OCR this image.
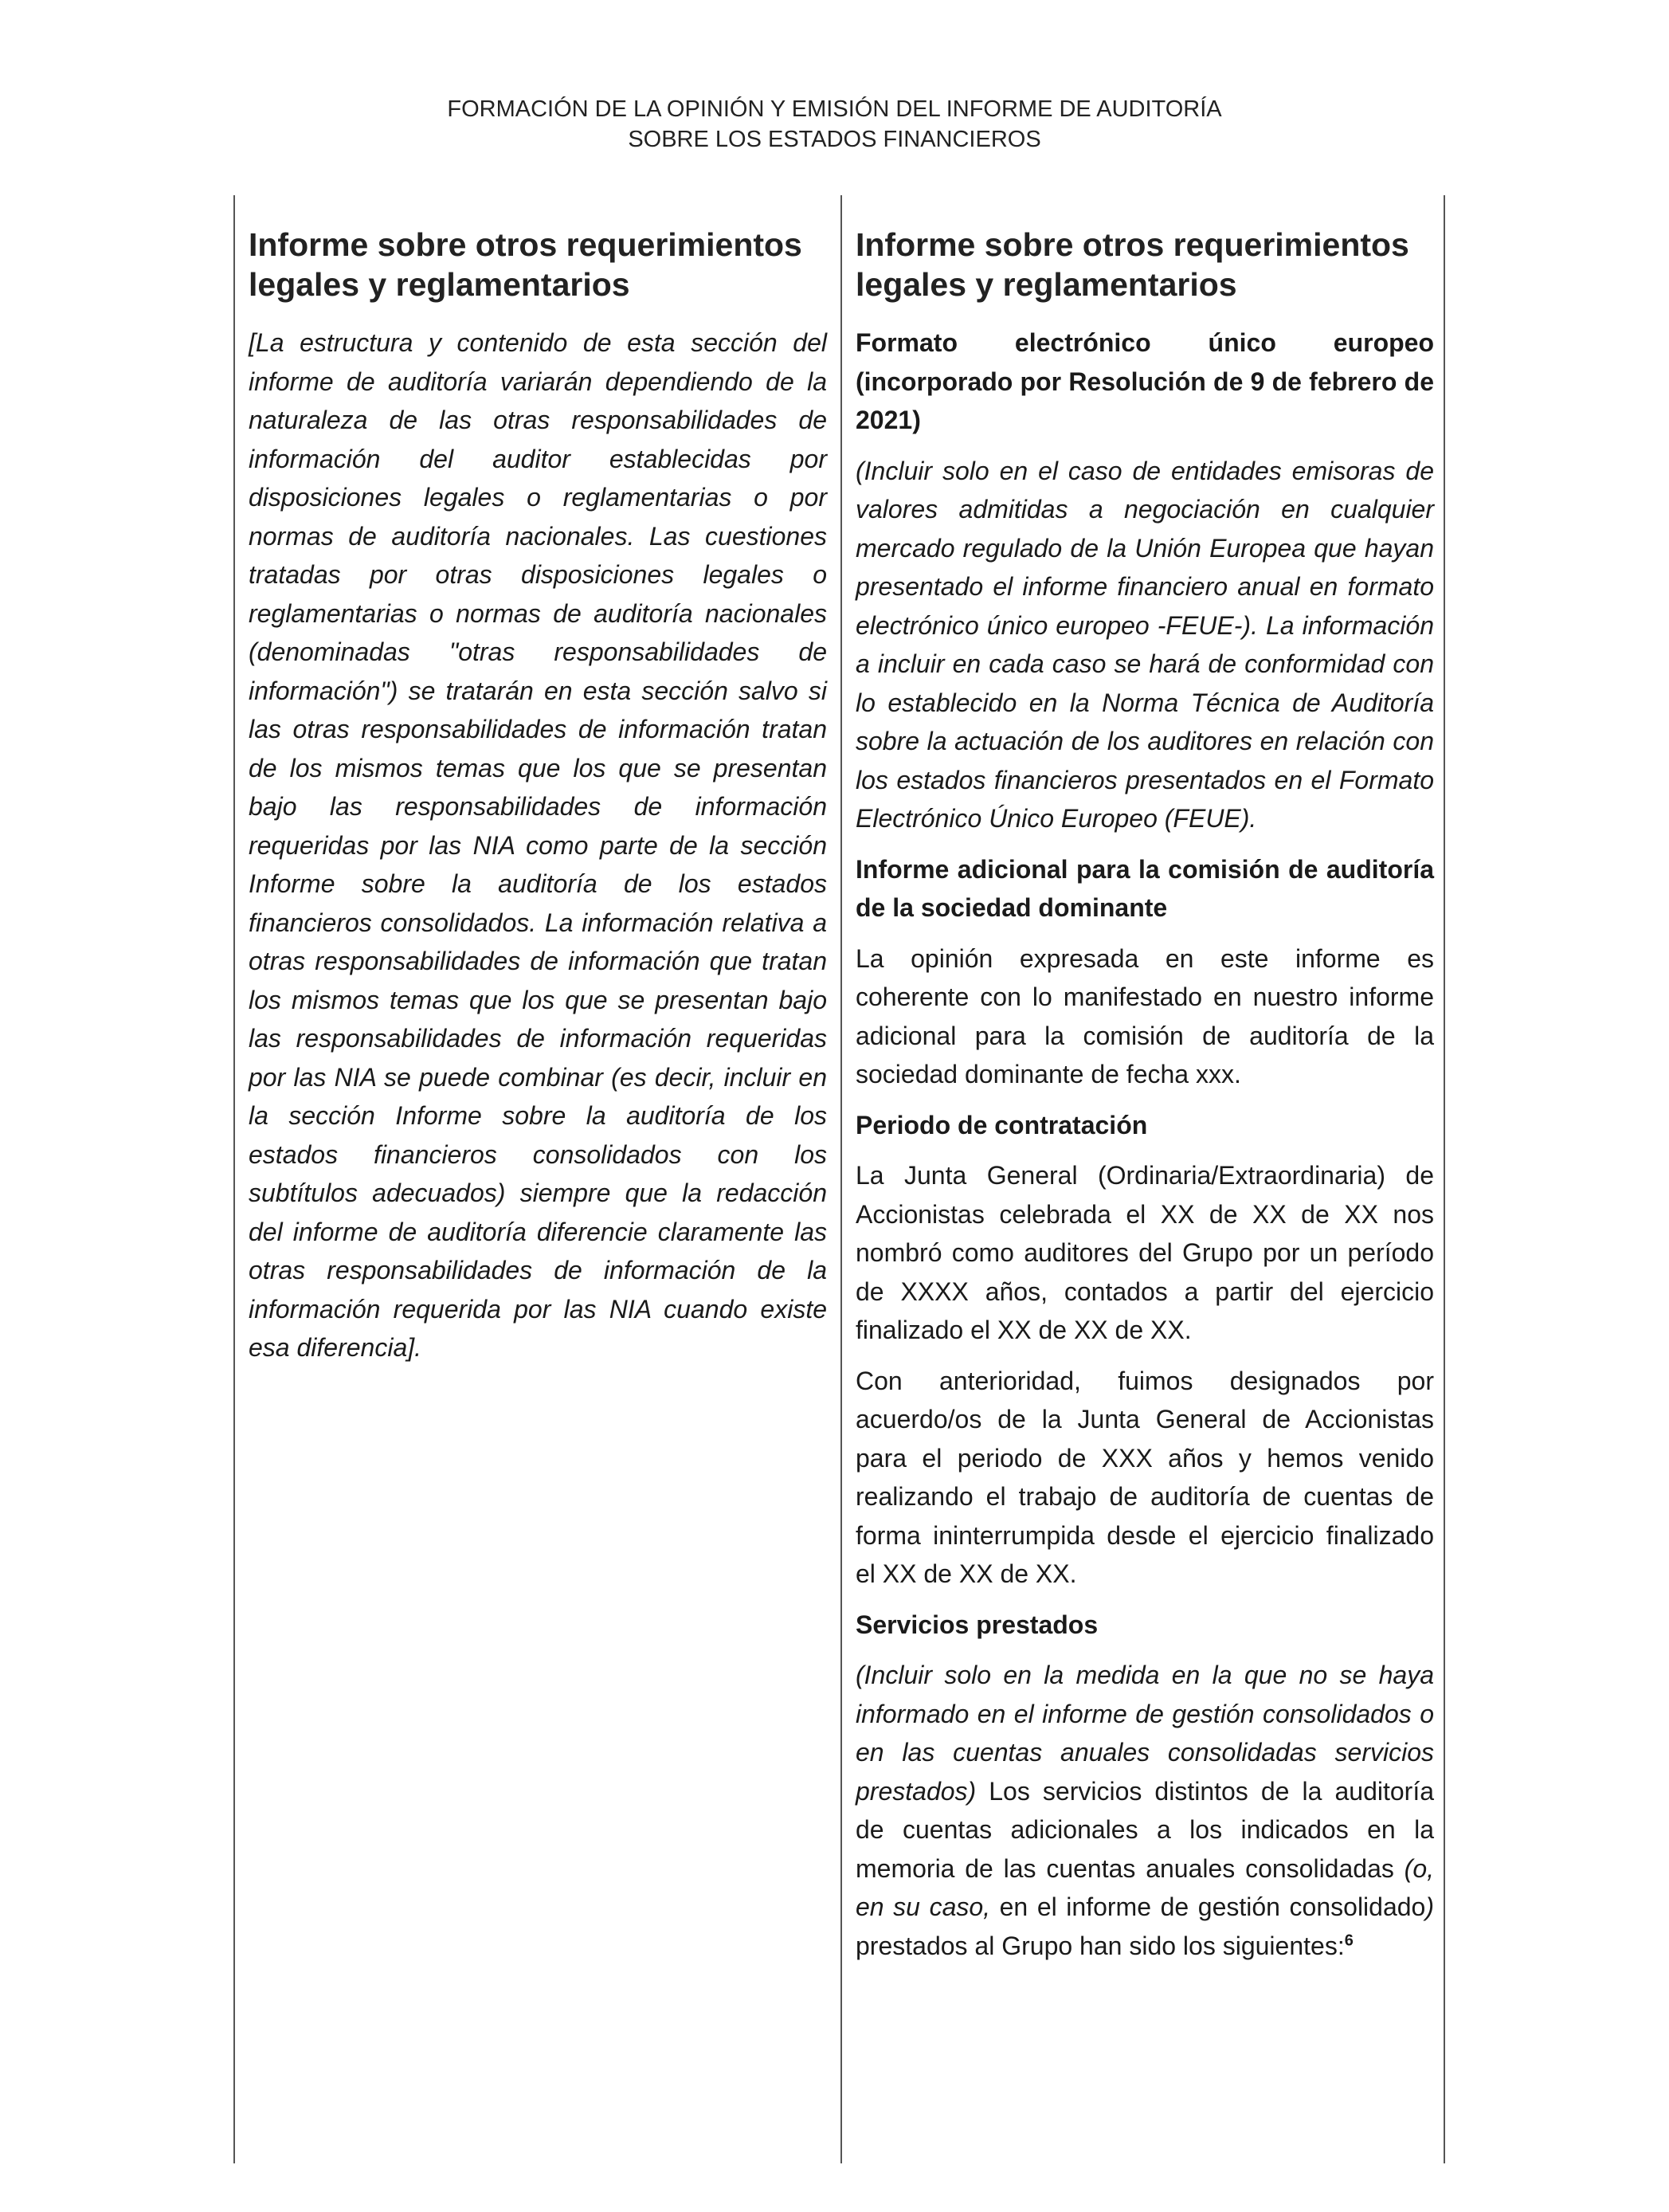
FORMACIÓN DE LA OPINIÓN Y EMISIÓN DEL INFORME DE AUDITORÍA
SOBRE LOS ESTADOS FINANCIEROS
Informe sobre otros requerimientos legales y reglamentarios
[La estructura y contenido de esta sección del informe de auditoría variarán dependiendo de la naturaleza de las otras responsabilidades de información del auditor establecidas por disposiciones legales o reglamentarias o por normas de auditoría nacionales. Las cuestiones tratadas por otras disposiciones legales o reglamentarias o normas de auditoría nacionales (denominadas "otras responsabilidades de información") se tratarán en esta sección salvo si las otras responsabilidades de información tratan de los mismos temas que los que se presentan bajo las responsabilidades de información requeridas por las NIA como parte de la sección Informe sobre la auditoría de los estados financieros consolidados. La información relativa a otras responsabilidades de información que tratan los mismos temas que los que se presentan bajo las responsabilidades de información requeridas por las NIA se puede combinar (es decir, incluir en la sección Informe sobre la auditoría de los estados financieros consolidados con los subtítulos adecuados) siempre que la redacción del informe de auditoría diferencie claramente las otras responsabilidades de información de la información requerida por las NIA cuando existe esa diferencia].
Informe sobre otros requerimientos legales y reglamentarios
Formato electrónico único europeo (incorporado por Resolución de 9 de febrero de 2021)
(Incluir solo en el caso de entidades emisoras de valores admitidas a negociación en cualquier mercado regulado de la Unión Europea que hayan presentado el informe financiero anual en formato electrónico único europeo -FEUE-). La información a incluir en cada caso se hará de conformidad con lo establecido en la Norma Técnica de Auditoría sobre la actuación de los auditores en relación con los estados financieros presentados en el Formato Electrónico Único Europeo (FEUE).
Informe adicional para la comisión de auditoría de la sociedad dominante
La opinión expresada en este informe es coherente con lo manifestado en nuestro informe adicional para la comisión de auditoría de la sociedad dominante de fecha xxx.
Periodo de contratación
La Junta General (Ordinaria/Extraordinaria) de Accionistas celebrada el XX de XX de XX nos nombró como auditores del Grupo por un período de XXXX años, contados a partir del ejercicio finalizado el XX de XX de XX.
Con anterioridad, fuimos designados por acuerdo/os de la Junta General de Accionistas para el periodo de XXX años y hemos venido realizando el trabajo de auditoría de cuentas de forma ininterrumpida desde el ejercicio finalizado el XX de XX de XX.
Servicios prestados
(Incluir solo en la medida en la que no se haya informado en el informe de gestión consolidados o en las cuentas anuales consolidadas servicios prestados) Los servicios distintos de la auditoría de cuentas adicionales a los indicados en la memoria de las cuentas anuales consolidadas (o, en su caso, en el informe de gestión consolidado) prestados al Grupo han sido los siguientes:$^6$
